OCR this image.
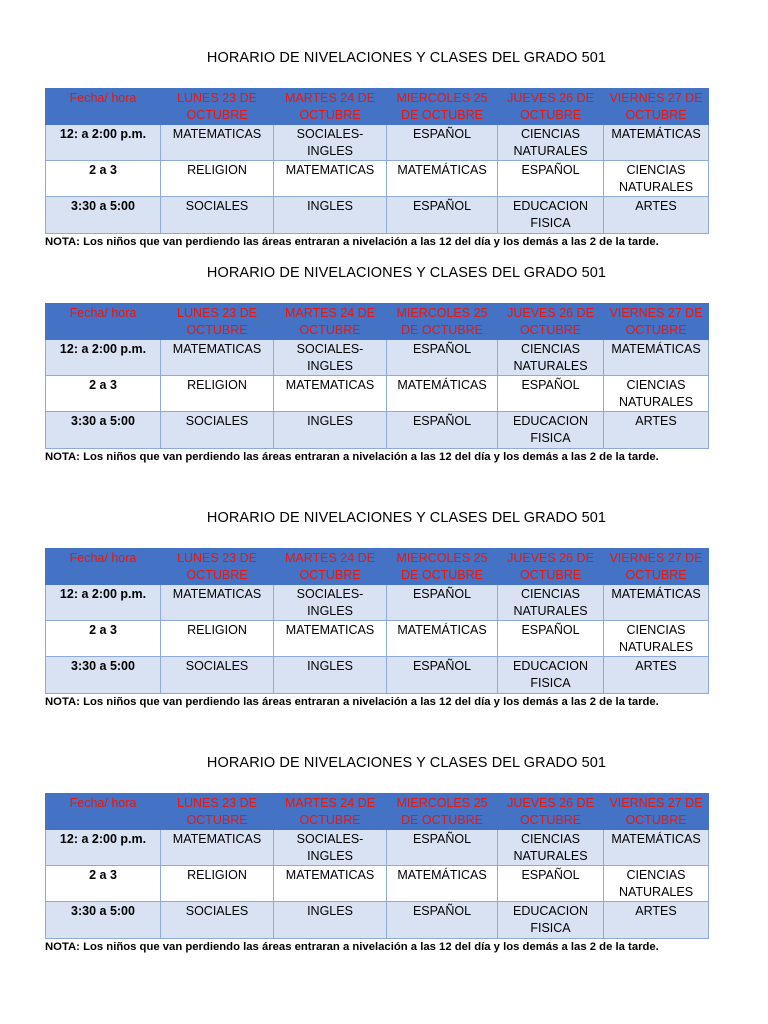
HORARIO DE NIVELACIONES Y CLASES DEL GRADO 501
Fecha/ hora	LUNES 23 DE OCTUBRE	MARTES 24 DE OCTUBRE	MIERCOLES 25 DE OCTUBRE	JUEVES 26 DE OCTUBRE	VIERNES 27 DE OCTUBRE
12: a 2:00 p.m.	MATEMATICAS	SOCIALES- INGLES	ESPAÑOL	CIENCIAS NATURALES	MATEMÁTICAS
2 a 3	RELIGION	MATEMATICAS	MATEMÁTICAS	ESPAÑOL	CIENCIAS NATURALES
3:30 a 5:00	SOCIALES	INGLES	ESPAÑOL	EDUCACION FISICA	ARTES
NOTA: Los niños que van perdiendo las áreas entraran a nivelación a las 12 del día y los demás a las 2 de la tarde.
HORARIO DE NIVELACIONES Y CLASES DEL GRADO 501
Fecha/ hora	LUNES 23 DE OCTUBRE	MARTES 24 DE OCTUBRE	MIERCOLES 25 DE OCTUBRE	JUEVES 26 DE OCTUBRE	VIERNES 27 DE OCTUBRE
12: a 2:00 p.m.	MATEMATICAS	SOCIALES- INGLES	ESPAÑOL	CIENCIAS NATURALES	MATEMÁTICAS
2 a 3	RELIGION	MATEMATICAS	MATEMÁTICAS	ESPAÑOL	CIENCIAS NATURALES
3:30 a 5:00	SOCIALES	INGLES	ESPAÑOL	EDUCACION FISICA	ARTES
NOTA: Los niños que van perdiendo las áreas entraran a nivelación a las 12 del día y los demás a las 2 de la tarde.
HORARIO DE NIVELACIONES Y CLASES DEL GRADO 501
Fecha/ hora	LUNES 23 DE OCTUBRE	MARTES 24 DE OCTUBRE	MIERCOLES 25 DE OCTUBRE	JUEVES 26 DE OCTUBRE	VIERNES 27 DE OCTUBRE
12: a 2:00 p.m.	MATEMATICAS	SOCIALES- INGLES	ESPAÑOL	CIENCIAS NATURALES	MATEMÁTICAS
2 a 3	RELIGION	MATEMATICAS	MATEMÁTICAS	ESPAÑOL	CIENCIAS NATURALES
3:30 a 5:00	SOCIALES	INGLES	ESPAÑOL	EDUCACION FISICA	ARTES
NOTA: Los niños que van perdiendo las áreas entraran a nivelación a las 12 del día y los demás a las 2 de la tarde.
HORARIO DE NIVELACIONES Y CLASES DEL GRADO 501
Fecha/ hora	LUNES 23 DE OCTUBRE	MARTES 24 DE OCTUBRE	MIERCOLES 25 DE OCTUBRE	JUEVES 26 DE OCTUBRE	VIERNES 27 DE OCTUBRE
12: a 2:00 p.m.	MATEMATICAS	SOCIALES- INGLES	ESPAÑOL	CIENCIAS NATURALES	MATEMÁTICAS
2 a 3	RELIGION	MATEMATICAS	MATEMÁTICAS	ESPAÑOL	CIENCIAS NATURALES
3:30 a 5:00	SOCIALES	INGLES	ESPAÑOL	EDUCACION FISICA	ARTES
NOTA: Los niños que van perdiendo las áreas entraran a nivelación a las 12 del día y los demás a las 2 de la tarde.
